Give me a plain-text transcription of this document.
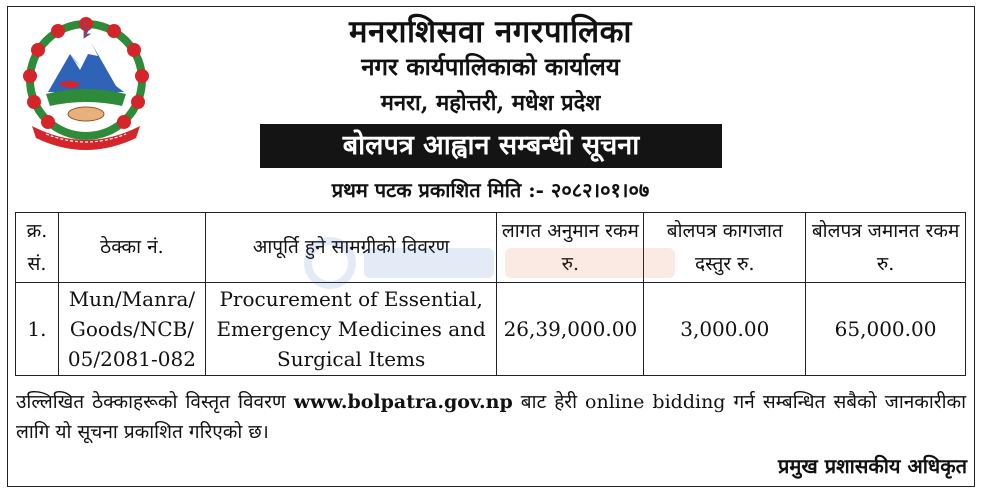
मनराशिसवा नगरपालिका
नगर कार्यपालिकाको कार्यालय
मनरा, महोत्तरी, मधेश प्रदेश
बोलपत्र आह्वान सम्बन्धी सूचना
प्रथम पटक प्रकाशित मिति :- २०८२।०१।०७
क्र. सं.	ठेक्का नं.	आपूर्ति हुने सामग्रीको विवरण	लागत अनुमान रकम रु.	बोलपत्र कागजात दस्तुर रु.	बोलपत्र जमानत रकम रु.
1.	Mun/Manra/ Goods/NCB/ 05/2081-082	Procurement of Essential, Emergency Medicines and Surgical Items	26,39,000.00	3,000.00	65,000.00
उल्लिखित ठेक्काहरूको विस्तृत विवरण www.bolpatra.gov.np बाट हेरी online bidding गर्न सम्बन्धित सबैको जानकारीका लागि यो सूचना प्रकाशित गरिएको छ।
प्रमुख प्रशासकीय अधिकृत
